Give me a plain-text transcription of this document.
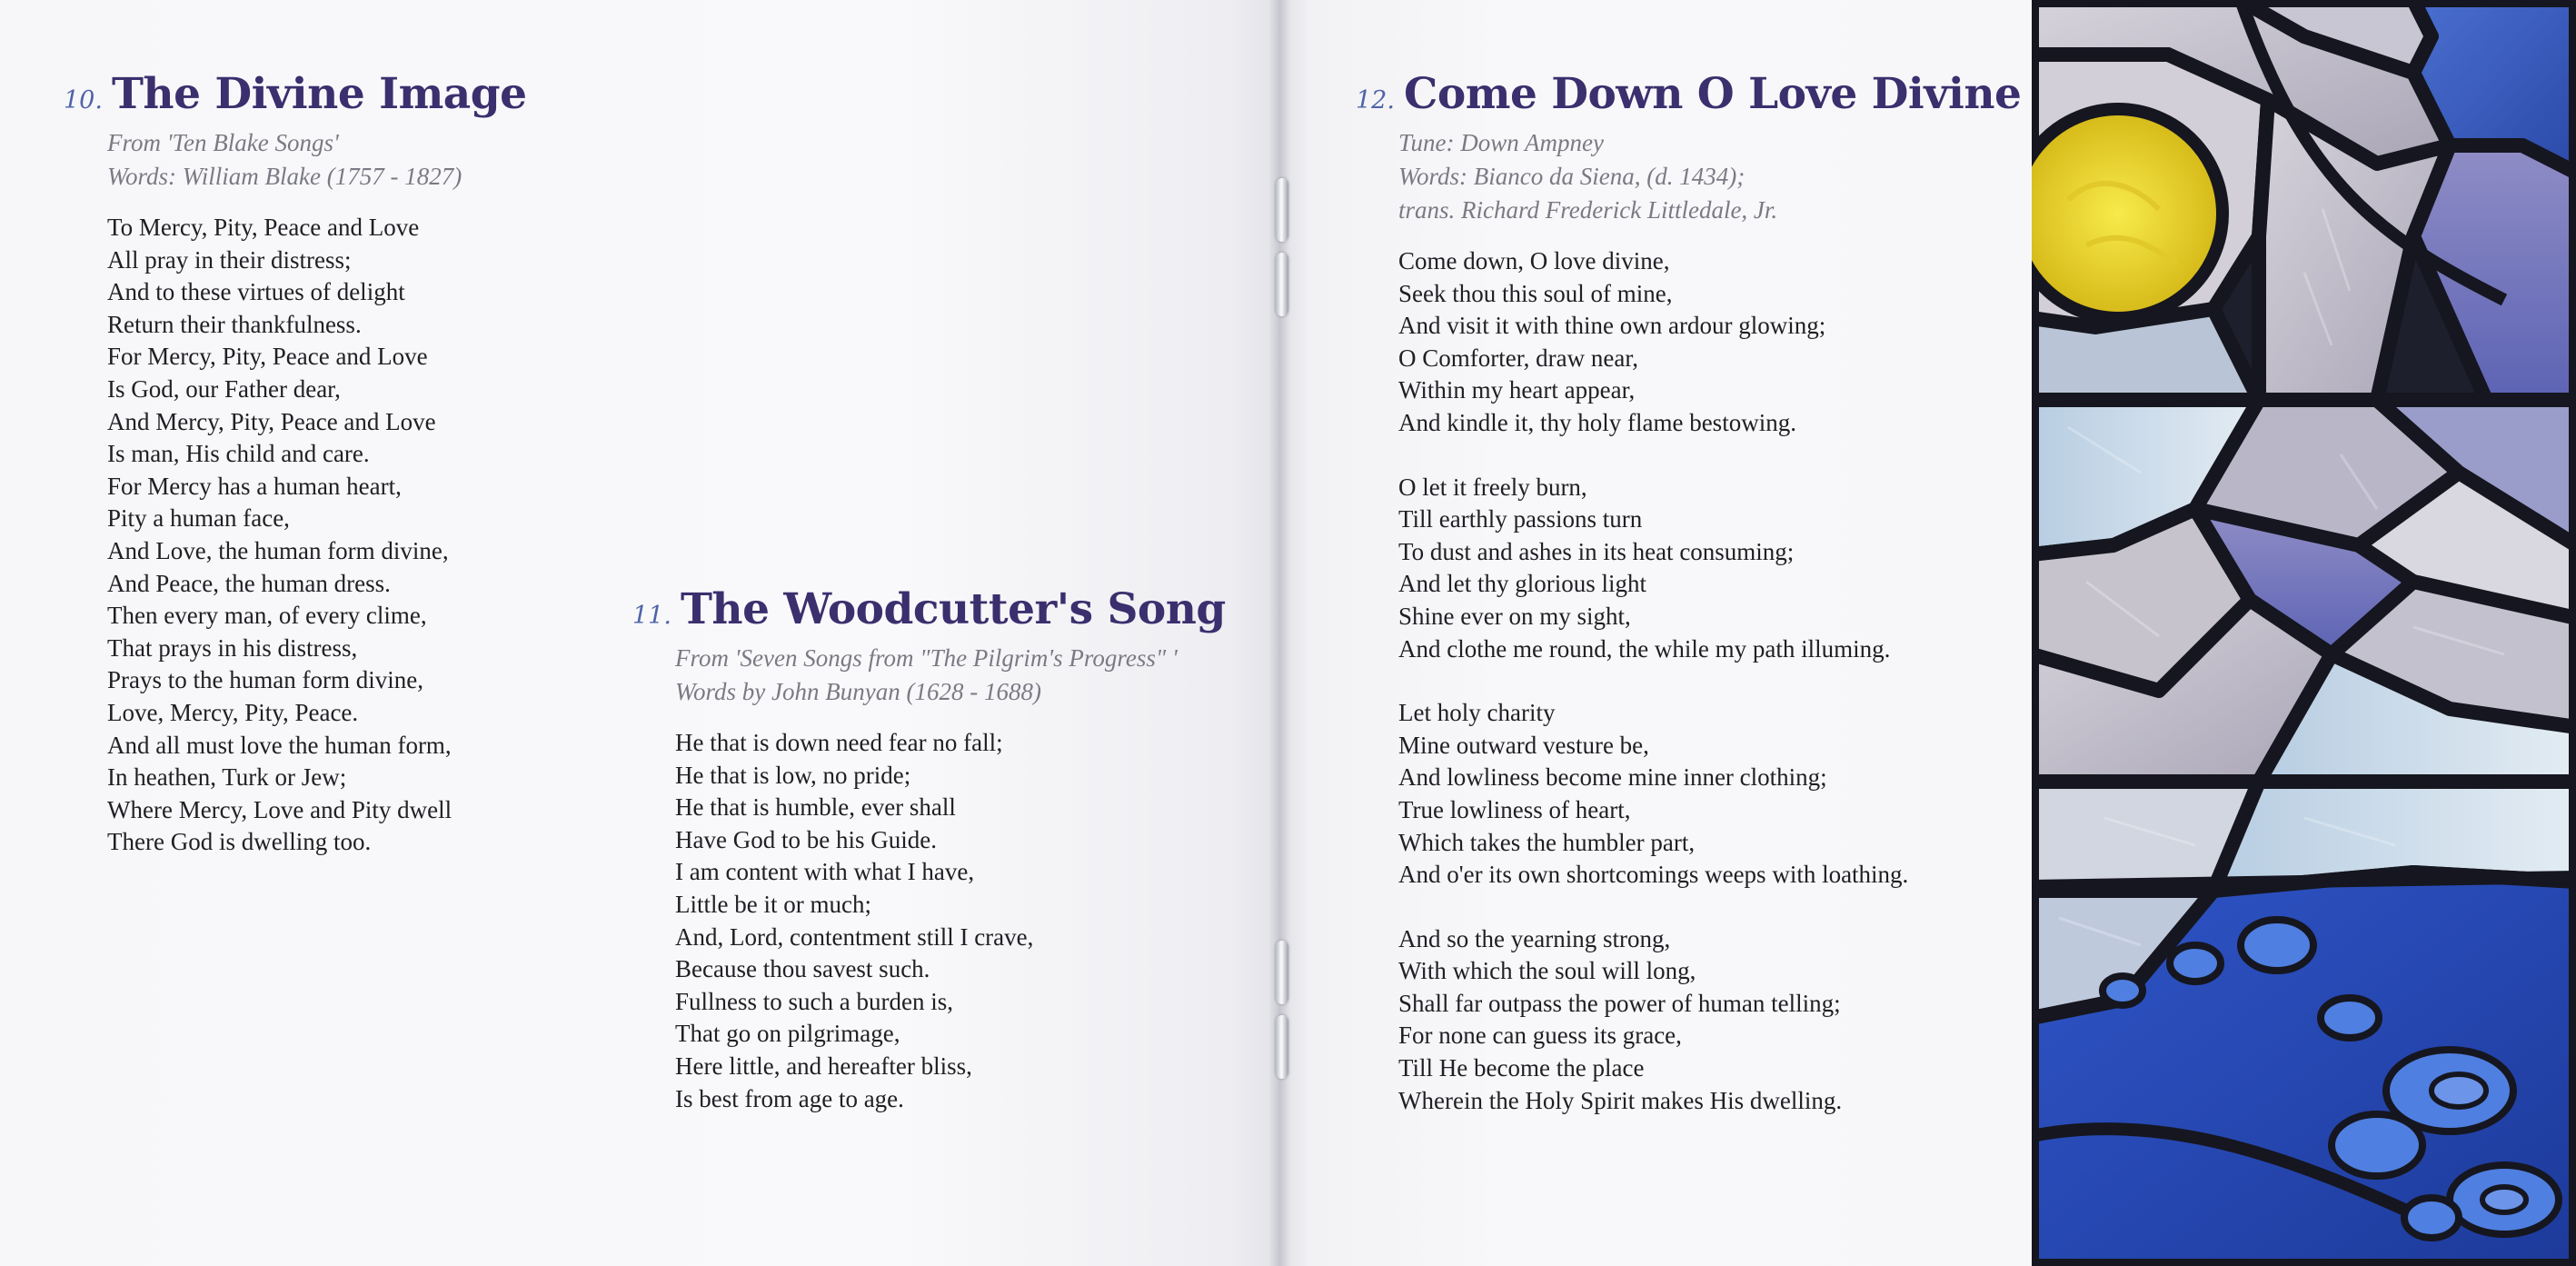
10. The Divine Image
From 'Ten Blake Songs'
Words: William Blake (1757 - 1827)
To Mercy, Pity, Peace and Love
All pray in their distress;
And to these virtues of delight
Return their thankfulness.
For Mercy, Pity, Peace and Love
Is God, our Father dear,
And Mercy, Pity, Peace and Love
Is man, His child and care.
For Mercy has a human heart,
Pity a human face,
And Love, the human form divine,
And Peace, the human dress.
Then every man, of every clime,
That prays in his distress,
Prays to the human form divine,
Love, Mercy, Pity, Peace.
And all must love the human form,
In heathen, Turk or Jew;
Where Mercy, Love and Pity dwell
There God is dwelling too.
11. The Woodcutter's Song
From 'Seven Songs from "The Pilgrim's Progress" '
Words by John Bunyan (1628 - 1688)
He that is down need fear no fall;
He that is low, no pride;
He that is humble, ever shall
Have God to be his Guide.
I am content with what I have,
Little be it or much;
And, Lord, contentment still I crave,
Because thou savest such.
Fullness to such a burden is,
That go on pilgrimage,
Here little, and hereafter bliss,
Is best from age to age.
12. Come Down O Love Divine
Tune: Down Ampney
Words: Bianco da Siena, (d. 1434);
trans. Richard Frederick Littledale, Jr.
Come down, O love divine,
Seek thou this soul of mine,
And visit it with thine own ardour glowing;
O Comforter, draw near,
Within my heart appear,
And kindle it, thy holy flame bestowing.
O let it freely burn,
Till earthly passions turn
To dust and ashes in its heat consuming;
And let thy glorious light
Shine ever on my sight,
And clothe me round, the while my path illuming.
Let holy charity
Mine outward vesture be,
And lowliness become mine inner clothing;
True lowliness of heart,
Which takes the humbler part,
And o'er its own shortcomings weeps with loathing.
And so the yearning strong,
With which the soul will long,
Shall far outpass the power of human telling;
For none can guess its grace,
Till He become the place
Wherein the Holy Spirit makes His dwelling.
